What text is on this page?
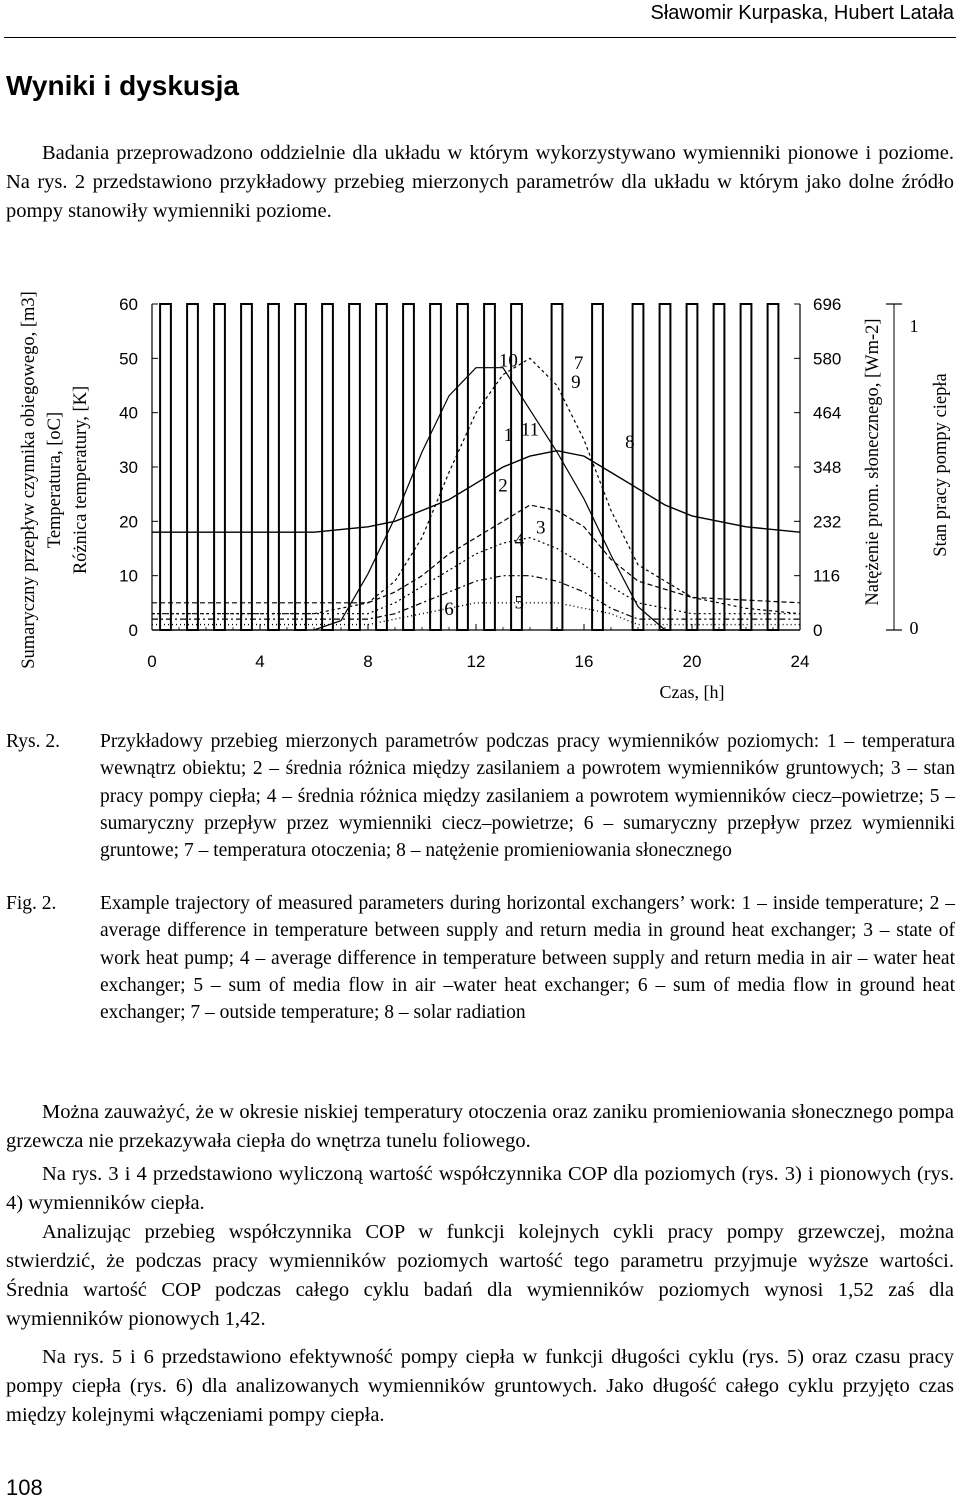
Sławomir Kurpaska, Hubert Latała
Wyniki i dyskusja

Badania przeprowadzono oddzielnie dla układu w którym wykorzystywano wymienniki pionowe i poziome. Na rys. 2 przedstawiono przykładowy przebieg mierzonych parametrów dla układu w którym jako dolne źródło pompy stanowiły wymienniki poziome.

Sumaryczny przepływ czynnika obiegowego, [m3] Temperatura, [oC] Różnica temperatury, [K]	Natężenie prom. słonecznego, [Wm-2]	Stan pracy pompy ciepła
60
50
40
30
20
10
0
696
580
464
348
232
116
0
1
0
0	4	8	12	16	20	24
Czas, [h]
1
2
3
4
5
6
7
8
9
10
11
Rys. 2. Przykładowy przebieg mierzonych parametrów podczas pracy wymienników poziomych: 1 – temperatura wewnątrz obiektu; 2 – średnia różnica między zasilaniem a powrotem wymienników gruntowych; 3 – stan pracy pompy ciepła; 4 – średnia różnica między zasilaniem a powrotem wymienników ciecz–powietrze; 5 – sumaryczny przepływ przez wymienniki ciecz–powietrze; 6 – sumaryczny przepływ przez wymienniki gruntowe; 7 – temperatura otoczenia; 8 – natężenie promieniowania słonecznego
Fig. 2. Example trajectory of measured parameters during horizontal exchangers’ work: 1 – inside temperature; 2 – average difference in temperature between supply and return media in ground heat exchanger; 3 – state of work heat pump; 4 – average difference in temperature between supply and return media in air – water heat exchanger; 5 – sum of media flow in air –water heat exchanger; 6 – sum of media flow in ground heat exchanger; 7 – outside temperature; 8 – solar radiation

Można zauważyć, że w okresie niskiej temperatury otoczenia oraz zaniku promieniowania słonecznego pompa grzewcza nie przekazywała ciepła do wnętrza tunelu foliowego.

Na rys. 3 i 4 przedstawiono wyliczoną wartość współczynnika COP dla poziomych (rys. 3) i pionowych (rys. 4) wymienników ciepła.

Analizując przebieg współczynnika COP w funkcji kolejnych cykli pracy pompy grzewczej, można stwierdzić, że podczas pracy wymienników poziomych wartość tego parametru przyjmuje wyższe wartości. Średnia wartość COP podczas całego cyklu badań dla wymienników poziomych wynosi 1,52 zaś dla wymienników pionowych 1,42.

Na rys. 5 i 6 przedstawiono efektywność pompy ciepła w funkcji długości cyklu (rys. 5) oraz czasu pracy pompy ciepła (rys. 6) dla analizowanych wymienników gruntowych. Jako długość całego cyklu przyjęto czas między kolejnymi włączeniami pompy ciepła.

108
